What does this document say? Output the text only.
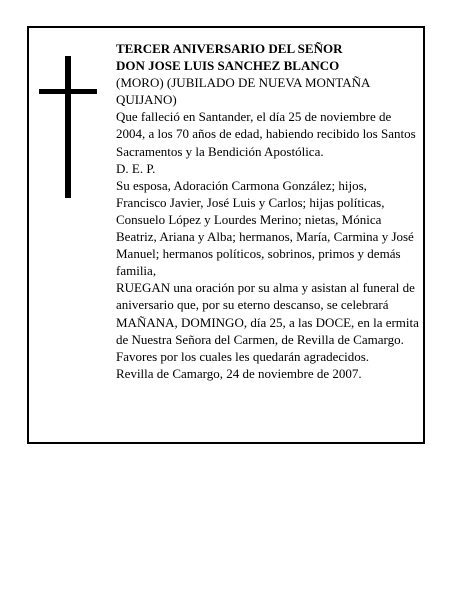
TERCER ANIVERSARIO DEL SEÑOR

DON JOSE LUIS SANCHEZ BLANCO

(MORO) (JUBILADO DE NUEVA MONTAÑA QUIJANO)

Que falleció en Santander, el día 25 de noviembre de 2004, a los 70 años de edad, habiendo recibido los Santos Sacramentos y la Bendición Apostólica.

D. E. P.

Su esposa, Adoración Carmona González; hijos, Francisco Javier, José Luis y Carlos; hijas políticas, Consuelo López y Lourdes Merino; nietas, Mónica Beatriz, Ariana y Alba; hermanos, María, Carmina y José Manuel; hermanos políticos, sobrinos, primos y demás familia,

RUEGAN una oración por su alma y asistan al funeral de aniversario que, por su eterno descanso, se celebrará MAÑANA, DOMINGO, día 25, a las DOCE, en la ermita de Nuestra Señora del Carmen, de Revilla de Camargo. Favores por los cuales les quedarán agradecidos.

Revilla de Camargo, 24 de noviembre de 2007.
